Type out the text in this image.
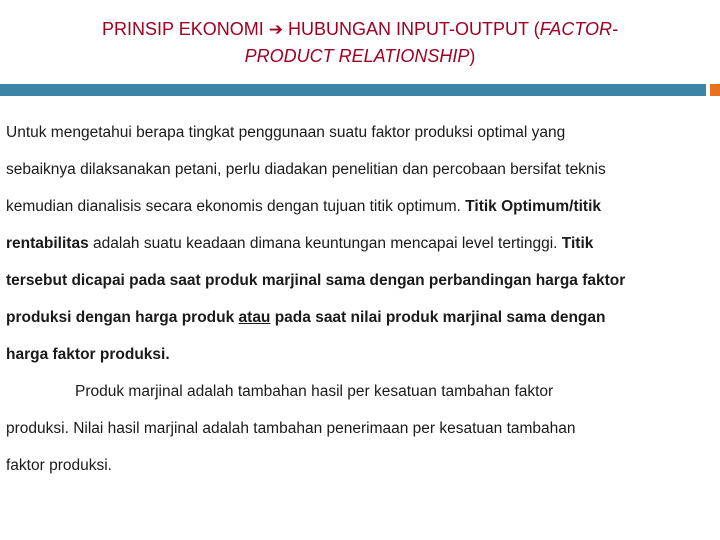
PRINSIP EKONOMI ➔ HUBUNGAN INPUT-OUTPUT (FACTOR-
PRODUCT RELATIONSHIP)
Untuk mengetahui berapa tingkat penggunaan suatu faktor produksi optimal yang
sebaiknya dilaksanakan petani, perlu diadakan penelitian dan percobaan bersifat teknis
kemudian dianalisis secara ekonomis dengan tujuan titik optimum. Titik Optimum/titik
rentabilitas adalah suatu keadaan dimana keuntungan mencapai level tertinggi. Titik
tersebut dicapai pada saat produk marjinal sama dengan perbandingan harga faktor
produksi dengan harga produk atau pada saat nilai produk marjinal sama dengan
harga faktor produksi.
Produk marjinal adalah tambahan hasil per kesatuan tambahan faktor
produksi. Nilai hasil marjinal adalah tambahan penerimaan per kesatuan tambahan
faktor produksi.
